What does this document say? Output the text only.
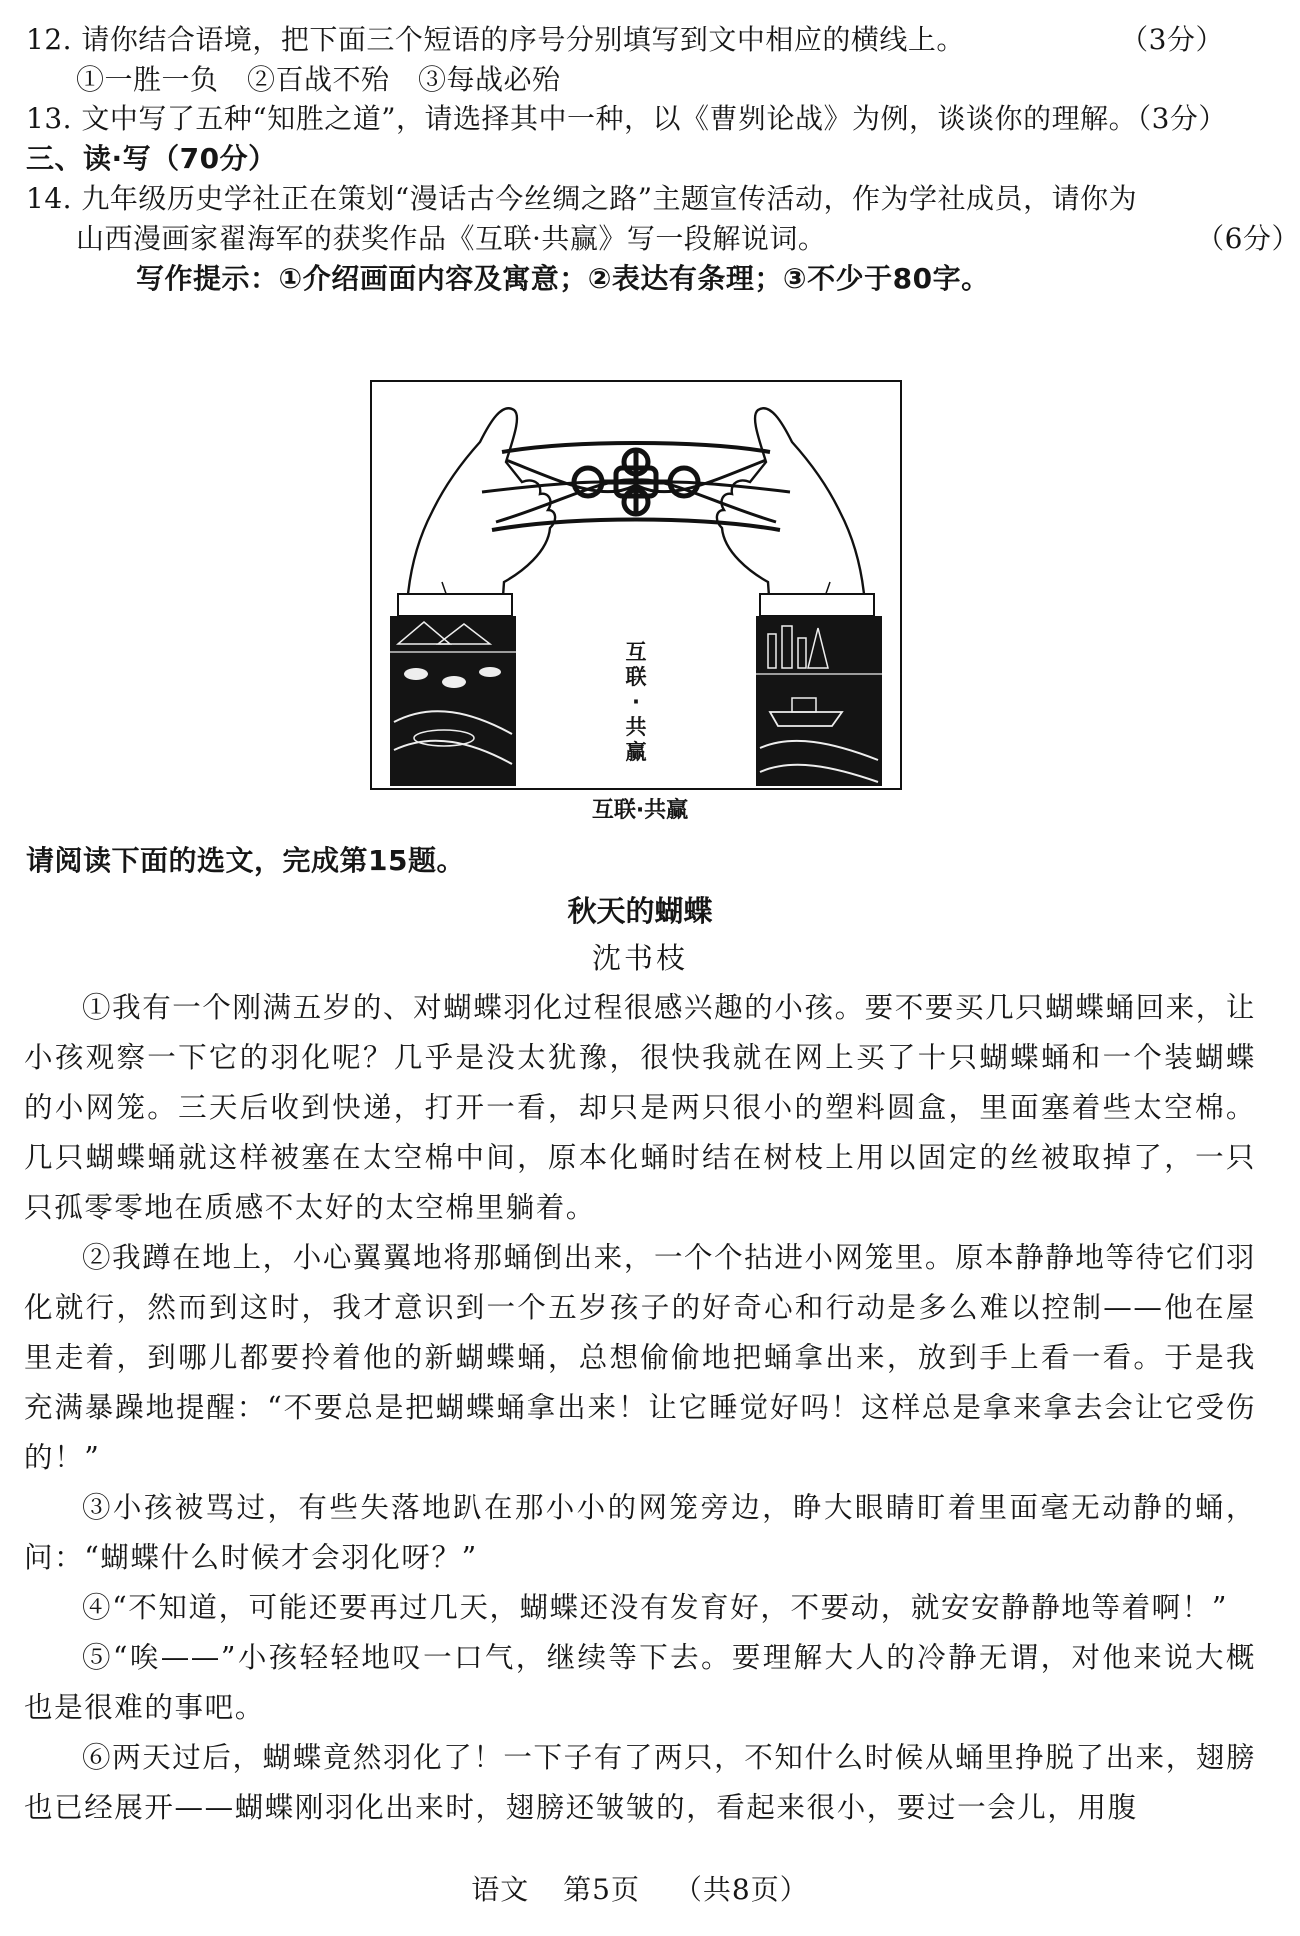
12. 请你结合语境，把下面三个短语的序号分别填写到文中相应的横线上。	（3分）
①一胜一负　②百战不殆　③每战必殆
13. 文中写了五种“知胜之道”，请选择其中一种，以《曹刿论战》为例，谈谈你的理解。（3分）
三、读·写（70分）
14. 九年级历史学社正在策划“漫话古今丝绸之路”主题宣传活动，作为学社成员，请你为
山西漫画家翟海军的获奖作品《互联·共赢》写一段解说词。	（6分）
写作提示：①介绍画面内容及寓意；②表达有条理；③不少于80字。
互
联
·
共
赢
互联·共赢
请阅读下面的选文，完成第15题。
秋天的蝴蝶
沈书枝
①我有一个刚满五岁的、对蝴蝶羽化过程很感兴趣的小孩。要不要买几只蝴蝶蛹回来，让小孩观察一下它的羽化呢？几乎是没太犹豫，很快我就在网上买了十只蝴蝶蛹和一个装蝴蝶的小网笼。三天后收到快递，打开一看，却只是两只很小的塑料圆盒，里面塞着些太空棉。几只蝴蝶蛹就这样被塞在太空棉中间，原本化蛹时结在树枝上用以固定的丝被取掉了，一只只孤零零地在质感不太好的太空棉里躺着。
②我蹲在地上，小心翼翼地将那蛹倒出来，一个个拈进小网笼里。原本静静地等待它们羽化就行，然而到这时，我才意识到一个五岁孩子的好奇心和行动是多么难以控制——他在屋里走着，到哪儿都要拎着他的新蝴蝶蛹，总想偷偷地把蛹拿出来，放到手上看一看。于是我充满暴躁地提醒：“不要总是把蝴蝶蛹拿出来！让它睡觉好吗！这样总是拿来拿去会让它受伤的！”
③小孩被骂过，有些失落地趴在那小小的网笼旁边，睁大眼睛盯着里面毫无动静的蛹，问：“蝴蝶什么时候才会羽化呀？”
④“不知道，可能还要再过几天，蝴蝶还没有发育好，不要动，就安安静静地等着啊！”
⑤“唉——”小孩轻轻地叹一口气，继续等下去。要理解大人的冷静无谓，对他来说大概也是很难的事吧。
⑥两天过后，蝴蝶竟然羽化了！一下子有了两只，不知什么时候从蛹里挣脱了出来，翅膀也已经展开——蝴蝶刚羽化出来时，翅膀还皱皱的，看起来很小，要过一会儿，用腹
语文 第5页 （共8页）
